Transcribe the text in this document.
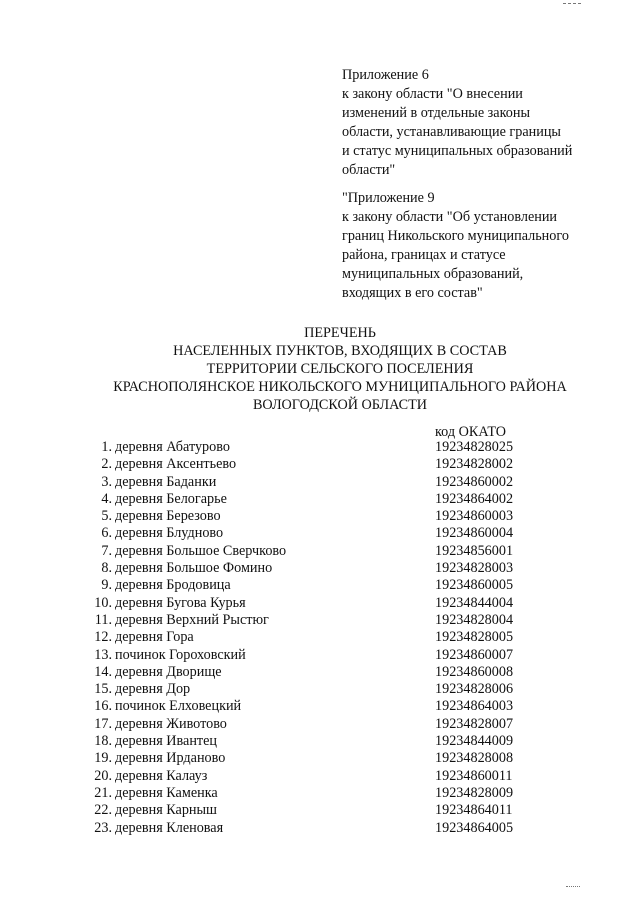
Приложение 6

к закону области "О внесении

изменений в отдельные законы

области, устанавливающие границы

и статус муниципальных образований

области"

"Приложение 9

к закону области "Об установлении

границ Никольского муниципального

района, границах и статусе

муниципальных образований,

входящих в его состав"

ПЕРЕЧЕНЬ
НАСЕЛЕННЫХ ПУНКТОВ, ВХОДЯЩИХ В СОСТАВ
ТЕРРИТОРИИ СЕЛЬСКОГО ПОСЕЛЕНИЯ
КРАСНОПОЛЯНСКОЕ НИКОЛЬСКОГО МУНИЦИПАЛЬНОГО РАЙОНА
ВОЛОГОДСКОЙ ОБЛАСТИ
код ОКАТО
1. деревня Абатурово	19234828025
2. деревня Аксентьево	19234828002
3. деревня Баданки	19234860002
4. деревня Белогарье	19234864002
5. деревня Березово	19234860003
6. деревня Блудново	19234860004
7. деревня Большое Сверчково	19234856001
8. деревня Большое Фомино	19234828003
9. деревня Бродовица	19234860005
10. деревня Бугова Курья	19234844004
11. деревня Верхний Рыстюг	19234828004
12. деревня Гора	19234828005
13. починок Гороховский	19234860007
14. деревня Дворище	19234860008
15. деревня Дор	19234828006
16. починок Елховецкий	19234864003
17. деревня Животово	19234828007
18. деревня Ивантец	19234844009
19. деревня Ирданово	19234828008
20. деревня Калауз	19234860011
21. деревня Каменка	19234828009
22. деревня Карныш	19234864011
23. деревня Кленовая	19234864005
